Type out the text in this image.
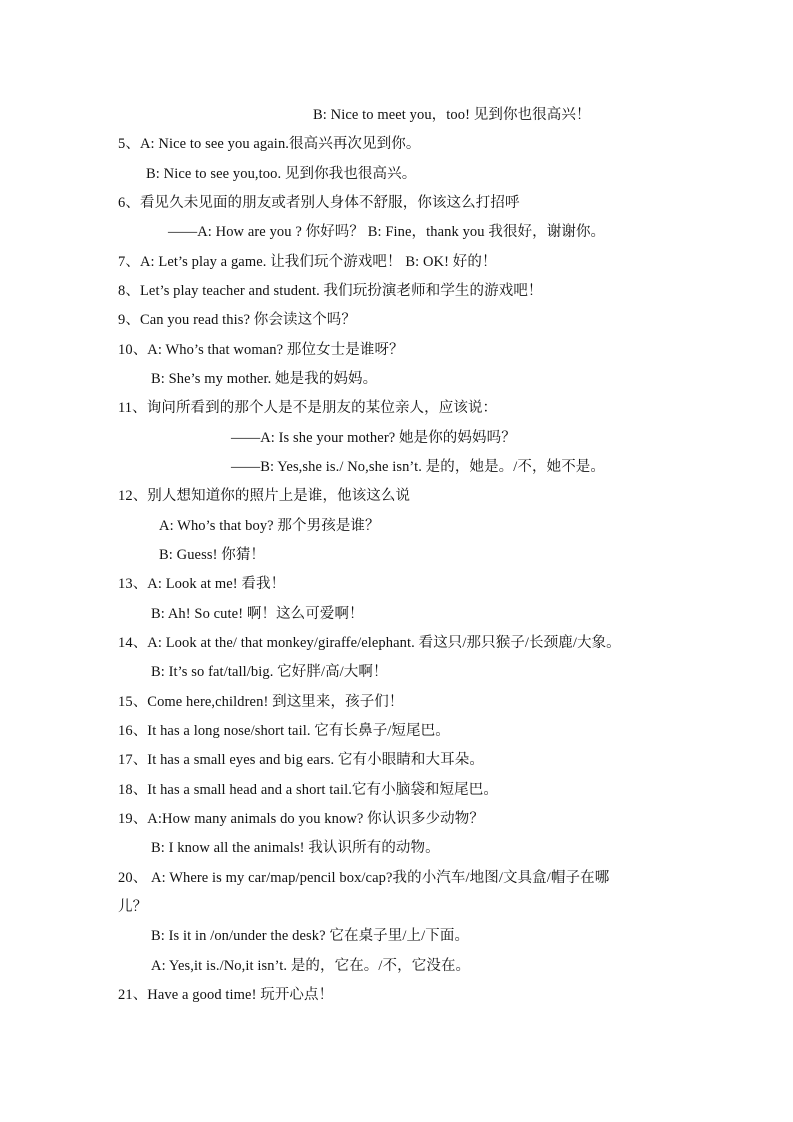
B: Nice to meet you，too! 见到你也很高兴！
5、A: Nice to see you again.很高兴再次见到你。
B: Nice to see you,too. 见到你我也很高兴。
6、看见久未见面的朋友或者别人身体不舒服，你该这么打招呼
——A: How are you ? 你好吗？ B: Fine，thank you 我很好，谢谢你。
7、A: Let’s play a game. 让我们玩个游戏吧！ B: OK! 好的！
8、Let’s play teacher and student. 我们玩扮演老师和学生的游戏吧！
9、Can you read this? 你会读这个吗？
10、A: Who’s that woman? 那位女士是谁呀？
B: She’s my mother. 她是我的妈妈。
11、询问所看到的那个人是不是朋友的某位亲人，应该说：
——A: Is she your mother? 她是你的妈妈吗？
——B: Yes,she is./ No,she isn’t. 是的，她是。/不，她不是。
12、别人想知道你的照片上是谁，他该这么说
A: Who’s that boy? 那个男孩是谁？
B: Guess! 你猜！
13、A: Look at me! 看我！
B: Ah! So cute! 啊！这么可爱啊！
14、A: Look at the/ that monkey/giraffe/elephant. 看这只/那只猴子/长颈鹿/大象。
B: It’s so fat/tall/big. 它好胖/高/大啊！
15、Come here,children! 到这里来，孩子们！
16、It has a long nose/short tail. 它有长鼻子/短尾巴。
17、It has a small eyes and big ears. 它有小眼睛和大耳朵。
18、It has a small head and a short tail.它有小脑袋和短尾巴。
19、A:How many animals do you know? 你认识多少动物？
B: I know all the animals! 我认识所有的动物。
20、 A: Where is my car/map/pencil box/cap?我的小汽车/地图/文具盒/帽子在哪
儿？
B: Is it in /on/under the desk? 它在桌子里/上/下面。
A: Yes,it is./No,it isn’t. 是的，它在。/不，它没在。
21、Have a good time! 玩开心点！
